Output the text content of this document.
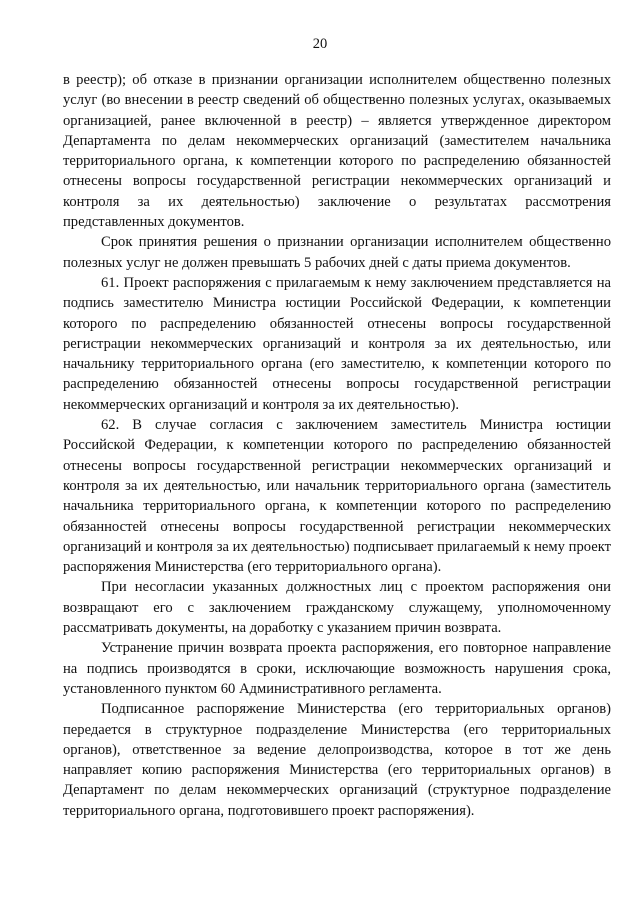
20

в реестр); об отказе в признании организации исполнителем общественно полезных услуг (во внесении в реестр сведений об общественно полезных услугах, оказываемых организацией, ранее включенной в реестр) – является утвержденное директором Департамента по делам некоммерческих организаций (заместителем начальника территориального органа, к компетенции которого по распределению обязанностей отнесены вопросы государственной регистрации некоммерческих организаций и контроля за их деятельностью) заключение о результатах рассмотрения представленных документов.

Срок принятия решения о признании организации исполнителем общественно полезных услуг не должен превышать 5 рабочих дней с даты приема документов.

61. Проект распоряжения с прилагаемым к нему заключением представляется на подпись заместителю Министра юстиции Российской Федерации, к компетенции которого по распределению обязанностей отнесены вопросы государственной регистрации некоммерческих организаций и контроля за их деятельностью, или начальнику территориального органа (его заместителю, к компетенции которого по распределению обязанностей отнесены вопросы государственной регистрации некоммерческих организаций и контроля за их деятельностью).

62. В случае согласия с заключением заместитель Министра юстиции Российской Федерации, к компетенции которого по распределению обязанностей отнесены вопросы государственной регистрации некоммерческих организаций и контроля за их деятельностью, или начальник территориального органа (заместитель начальника территориального органа, к компетенции которого по распределению обязанностей отнесены вопросы государственной регистрации некоммерческих организаций и контроля за их деятельностью) подписывает прилагаемый к нему проект распоряжения Министерства (его территориального органа).

При несогласии указанных должностных лиц с проектом распоряжения они возвращают его с заключением гражданскому служащему, уполномоченному рассматривать документы, на доработку с указанием причин возврата.

Устранение причин возврата проекта распоряжения, его повторное направление на подпись производятся в сроки, исключающие возможность нарушения срока, установленного пунктом 60 Административного регламента.

Подписанное распоряжение Министерства (его территориальных органов) передается в структурное подразделение Министерства (его территориальных органов), ответственное за ведение делопроизводства, которое в тот же день направляет копию распоряжения Министерства (его территориальных органов) в Департамент по делам некоммерческих организаций (структурное подразделение территориального органа, подготовившего проект распоряжения).
